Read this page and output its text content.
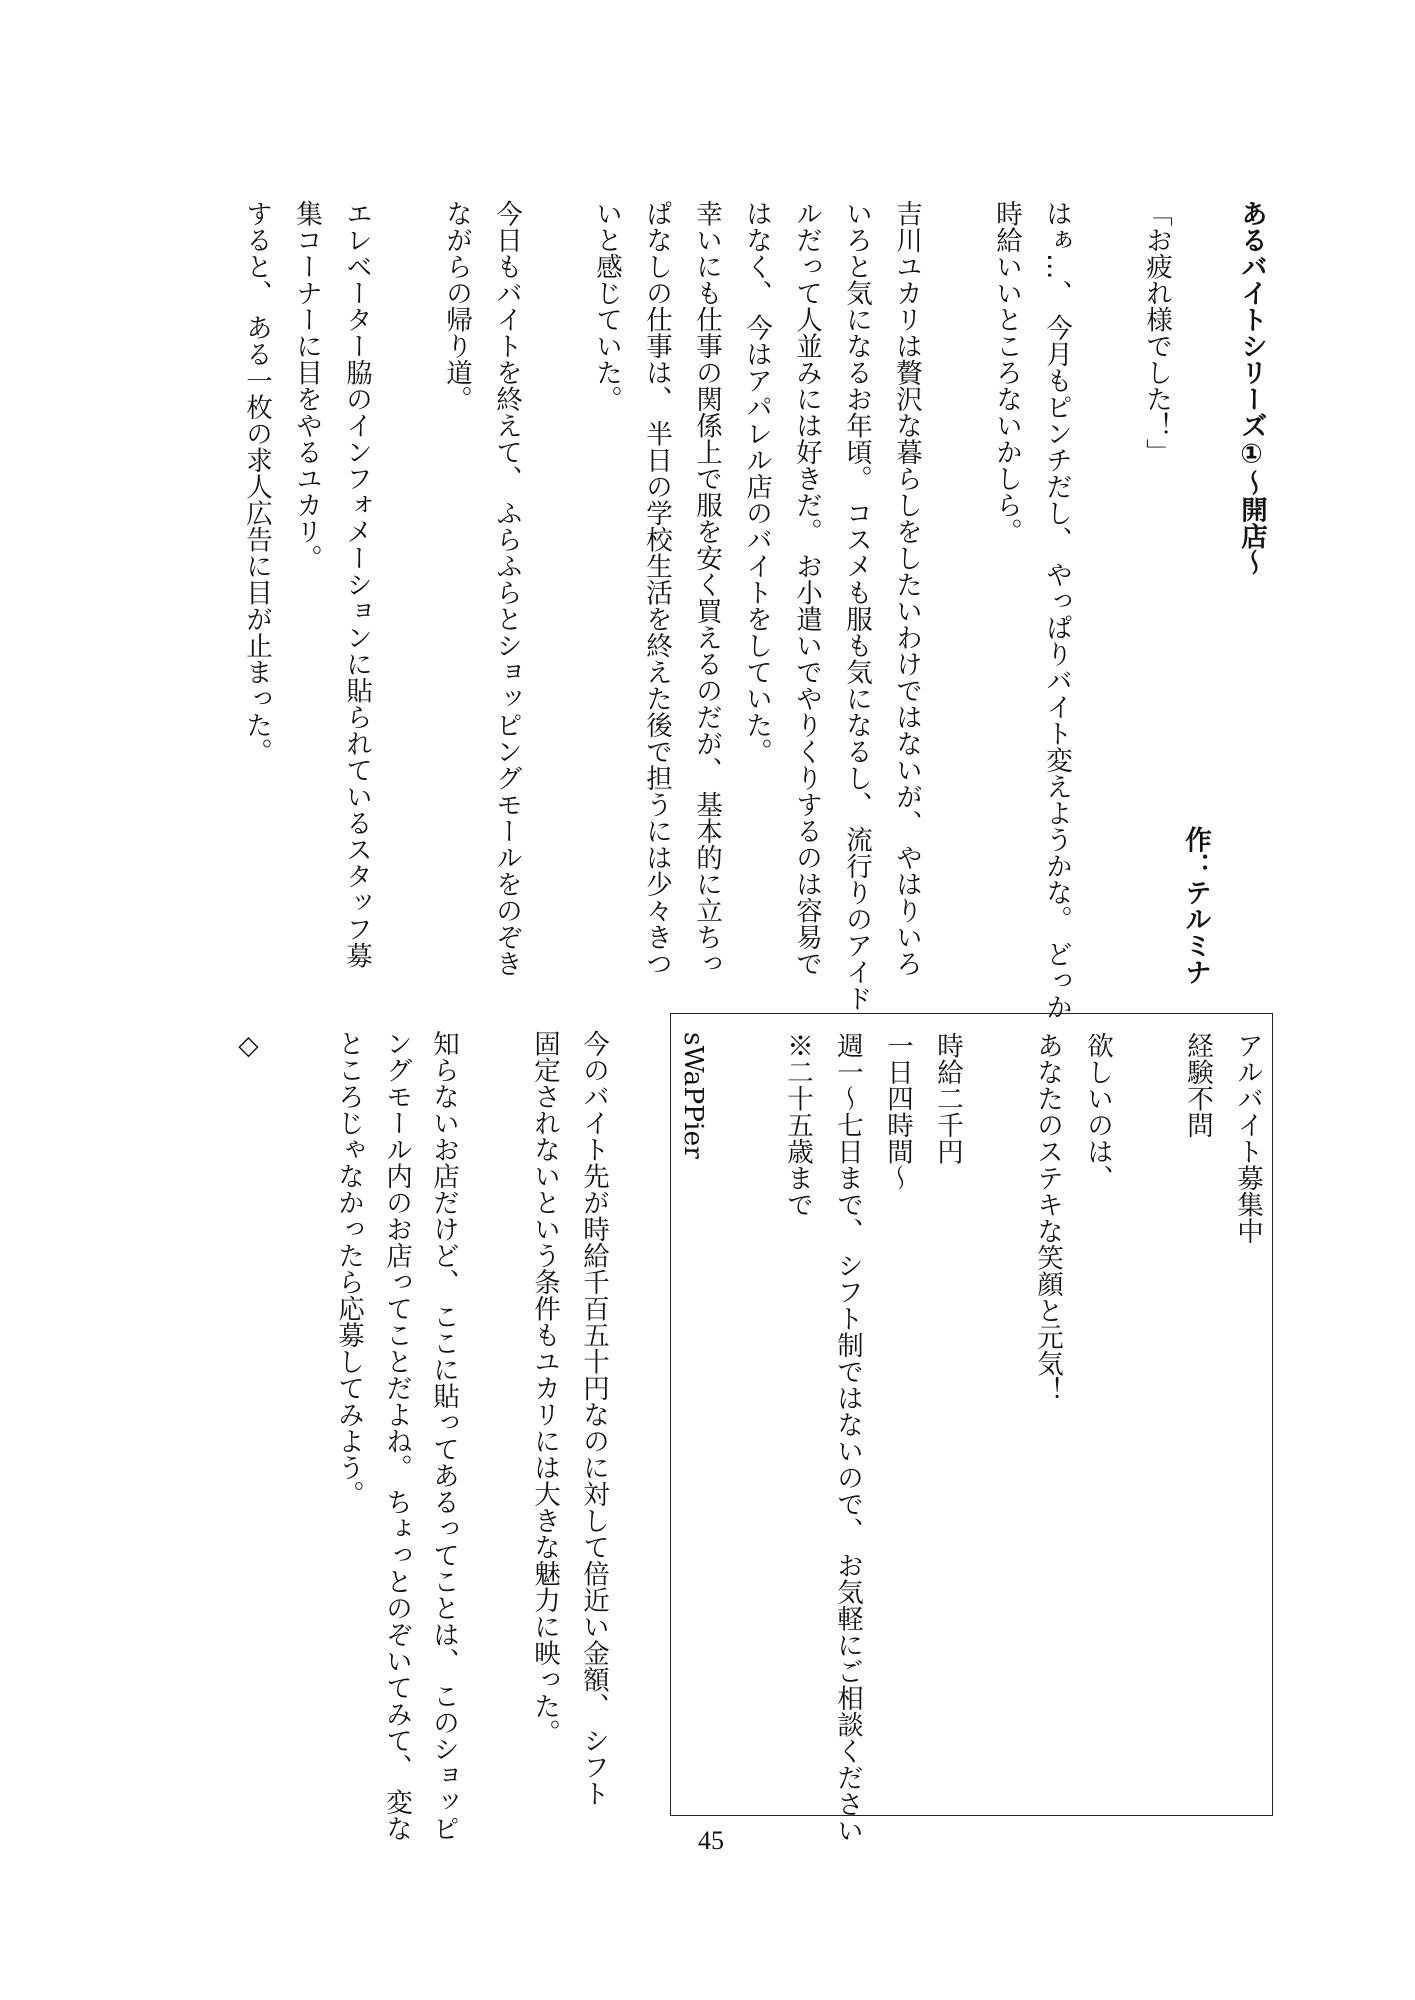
あるバイトシリーズ①～開店～
作：テルミナ
「お疲れ様でした！」
はぁ…、 今月もピンチだし、 やっぱりバイト変えようかな。 どっか
時給いいところないかしら。
吉川ユカリは贅沢な暮らしをしたいわけではないが、 やはりいろ
いろと気になるお年頃。 コスメも服も気になるし、 流行りのアイド
ルだって人並みには好きだ。 お小遣いでやりくりするのは容易で
はなく、 今はアパレル店のバイトをしていた。
幸いにも仕事の関係上で服を安く買えるのだが、 基本的に立ちっ
ぱなしの仕事は、 半日の学校生活を終えた後で担うには少々きつ
いと感じていた。
今日もバイトを終えて、 ふらふらとショッピングモールをのぞき
ながらの帰り道。
エレベーター脇のインフォメーションに貼られているスタッフ募
集コーナーに目をやるユカリ。
すると、 ある一枚の求人広告に目が止まった。
アルバイト募集中
経験不問
欲しいのは、
あなたのステキな笑顔と元気！
時給二千円
一日四時間～
週一～七日まで、 シフト制ではないので、 お気軽にご相談ください
※二十五歳まで
sWaPPier
今のバイト先が時給千百五十円なのに対して倍近い金額、 シフト
固定されないという条件もユカリには大きな魅力に映った。
知らないお店だけど、 ここに貼ってあるってことは、 このショッピ
ングモール内のお店ってことだよね。 ちょっとのぞいてみて、 変な
ところじゃなかったら応募してみよう。
◇
45
